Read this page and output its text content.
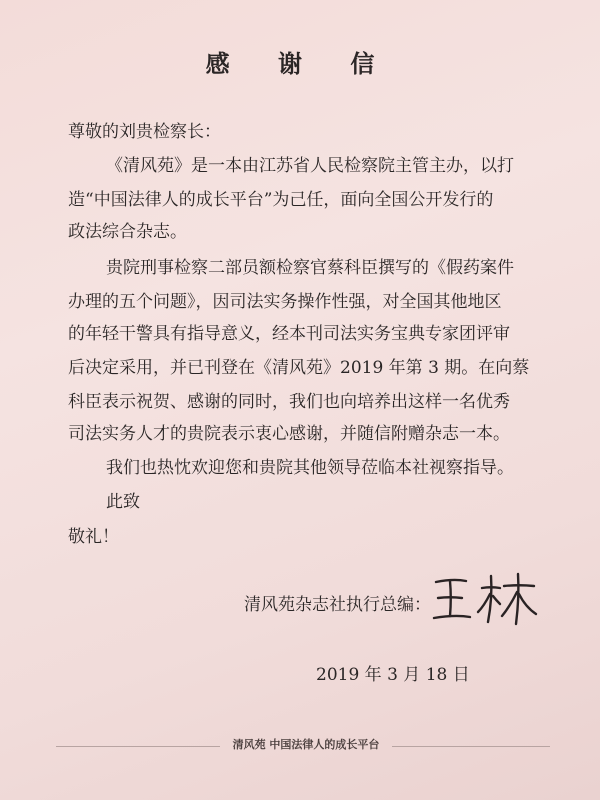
感 谢 信
尊敬的刘贵检察长：
《清风苑》是一本由江苏省人民检察院主管主办，以打
造“中国法律人的成长平台”为己任，面向全国公开发行的
政法综合杂志。
贵院刑事检察二部员额检察官蔡科臣撰写的《假药案件
办理的五个问题》，因司法实务操作性强，对全国其他地区
的年轻干警具有指导意义，经本刊司法实务宝典专家团评审
后决定采用，并已刊登在《清风苑》2019 年第 3 期。在向蔡
科臣表示祝贺、感谢的同时，我们也向培养出这样一名优秀
司法实务人才的贵院表示衷心感谢，并随信附赠杂志一本。
我们也热忱欢迎您和贵院其他领导莅临本社视察指导。
此致
敬礼！
清风苑杂志社执行总编：
2019 年 3 月 18 日
清风苑 中国法律人的成长平台
